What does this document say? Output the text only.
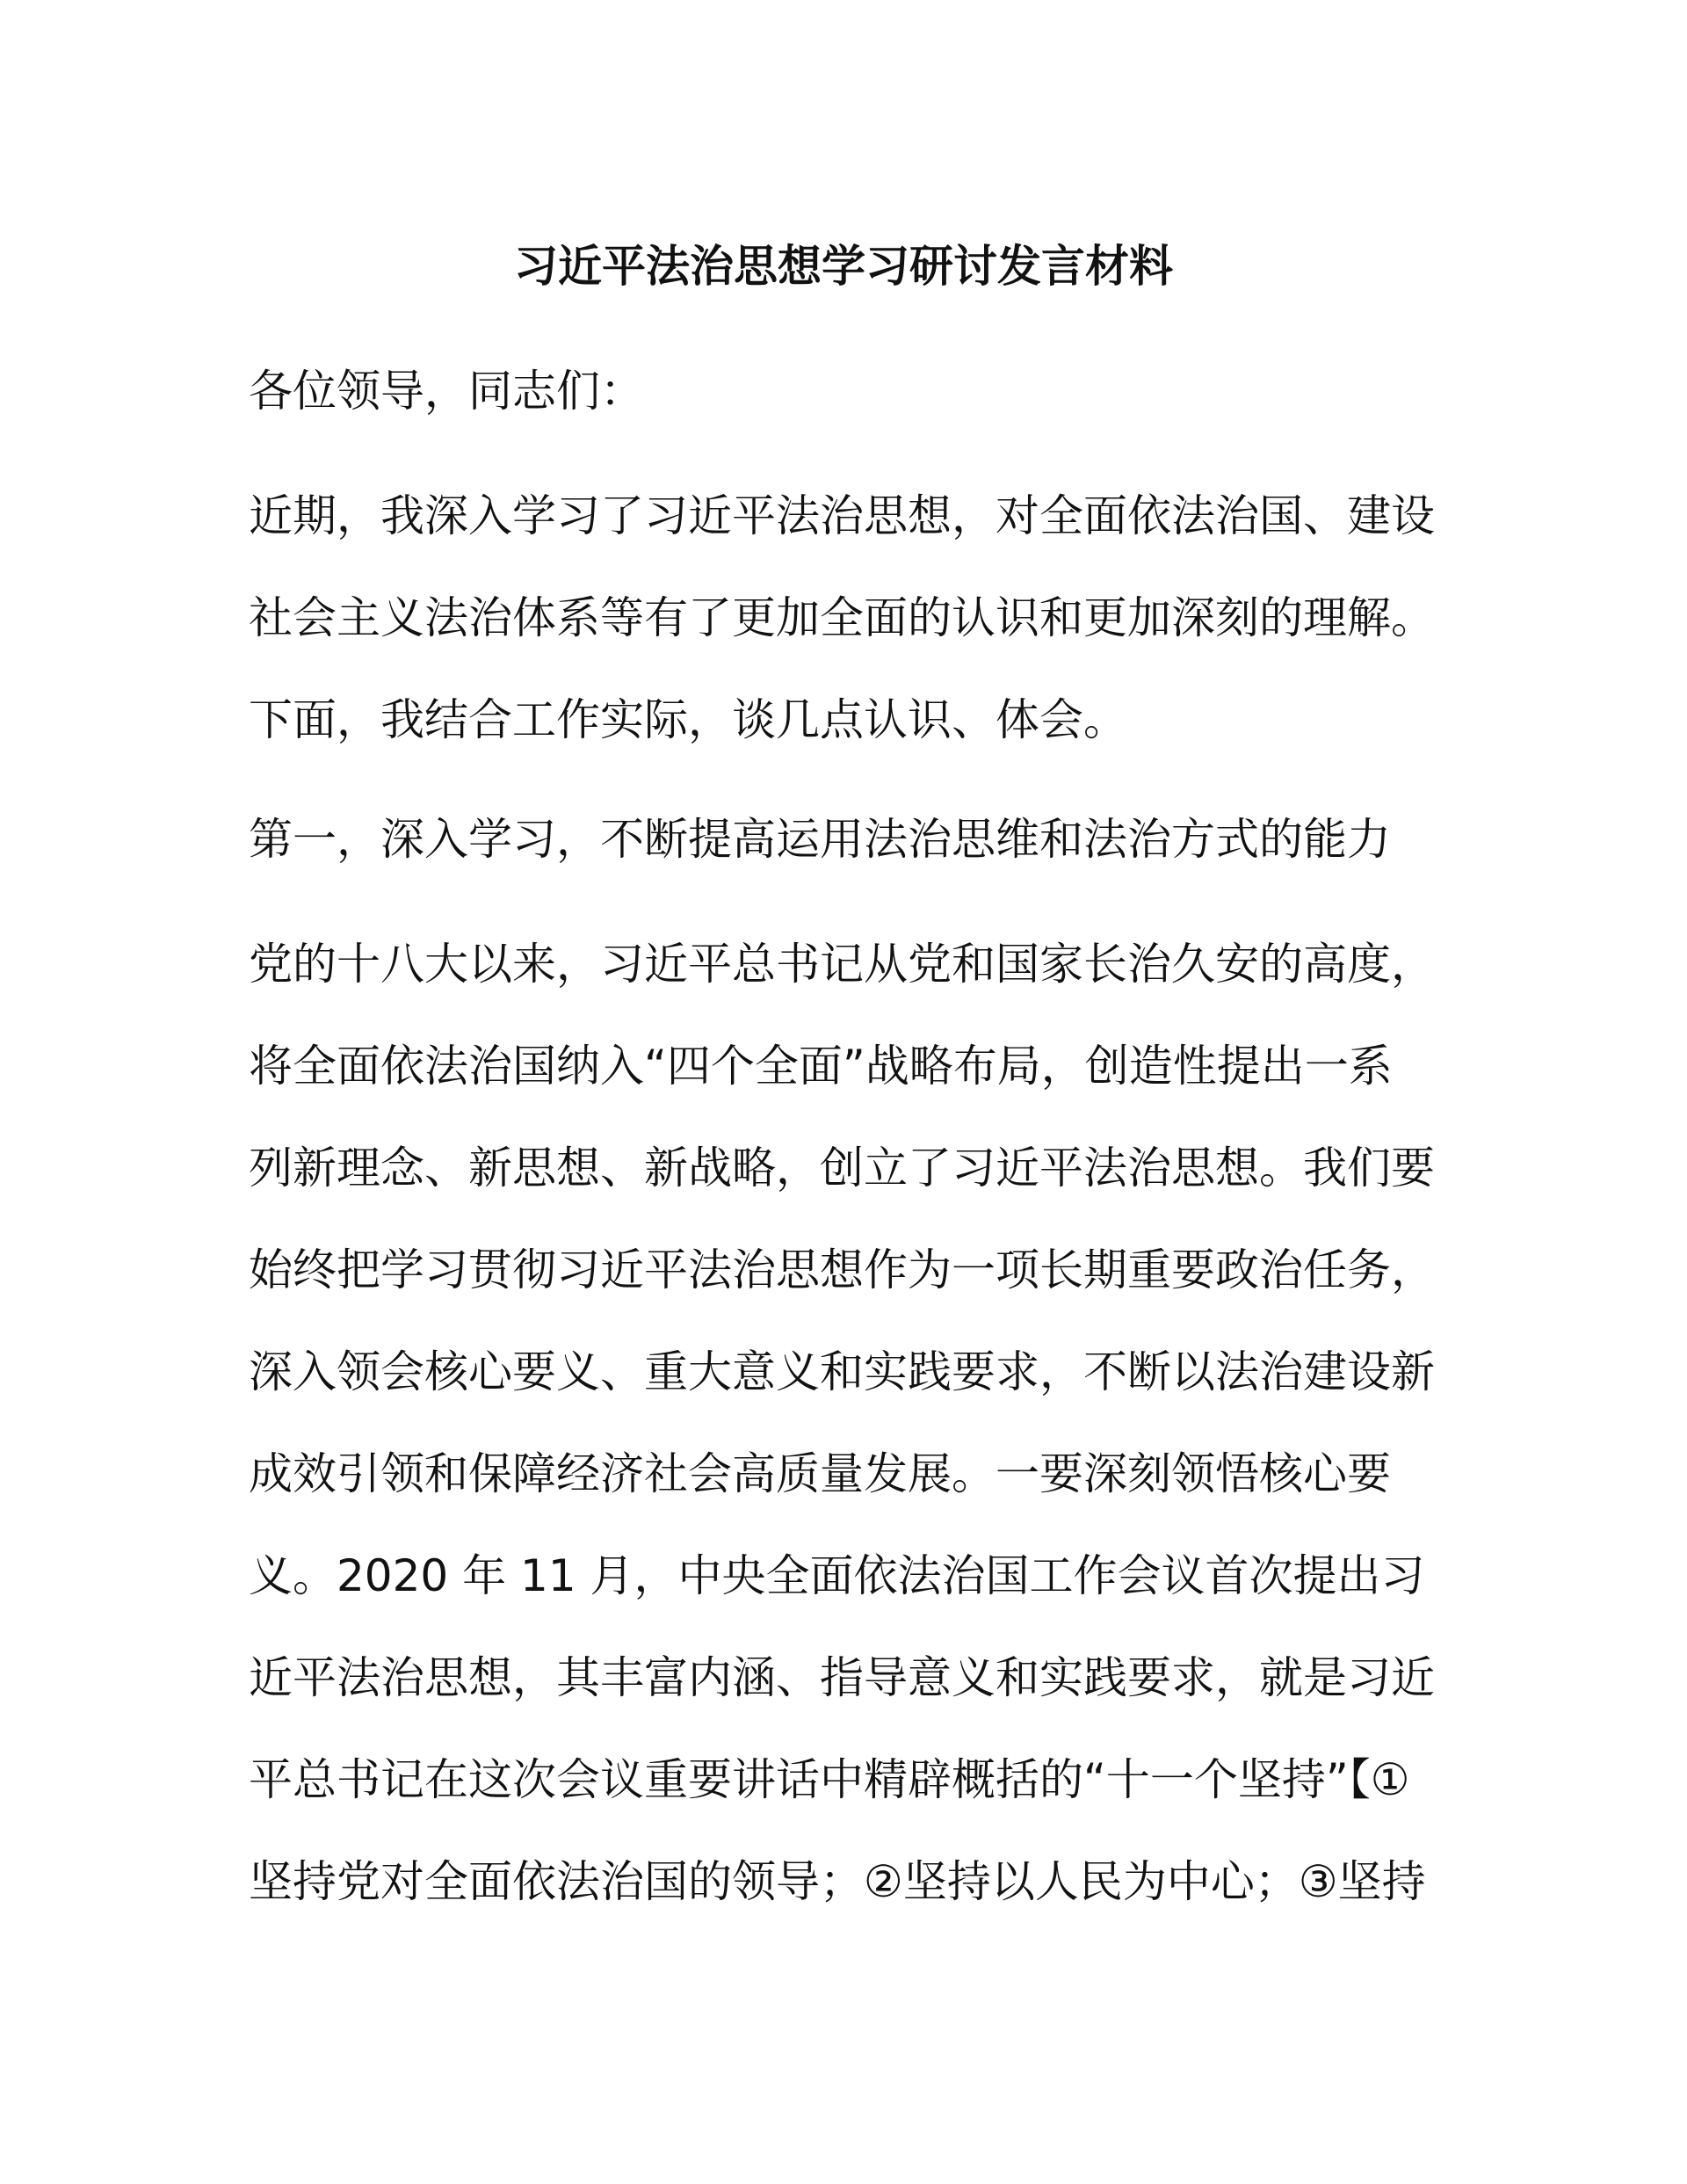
习近平法治思想学习研讨发言材料

各位领导，同志们：

近期，我深入学习了习近平法治思想，对全面依法治国、建设

社会主义法治体系等有了更加全面的认识和更加深刻的理解。

下面，我结合工作实际，谈几点认识、体会。

第一，深入学习，不断提高运用法治思维和法治方式的能力

党的十八大以来，习近平总书记从党和国家长治久安的高度，

将全面依法治国纳入“四个全面”战略布局，创造性提出一系

列新理念、新思想、新战略，创立了习近平法治思想。我们要

始终把学习贯彻习近平法治思想作为一项长期重要政治任务，

深入领会核心要义、重大意义和实践要求，不断以法治建设新

成效引领和保障经济社会高质量发展。一要深刻领悟核心要

义。2020 年 11 月，中央全面依法治国工作会议首次提出习

近平法治思想，其丰富内涵、指导意义和实践要求，就是习近

平总书记在这次会议重要讲话中精辟概括的“十一个坚持”【①

坚持党对全面依法治国的领导；②坚持以人民为中心；③坚持
